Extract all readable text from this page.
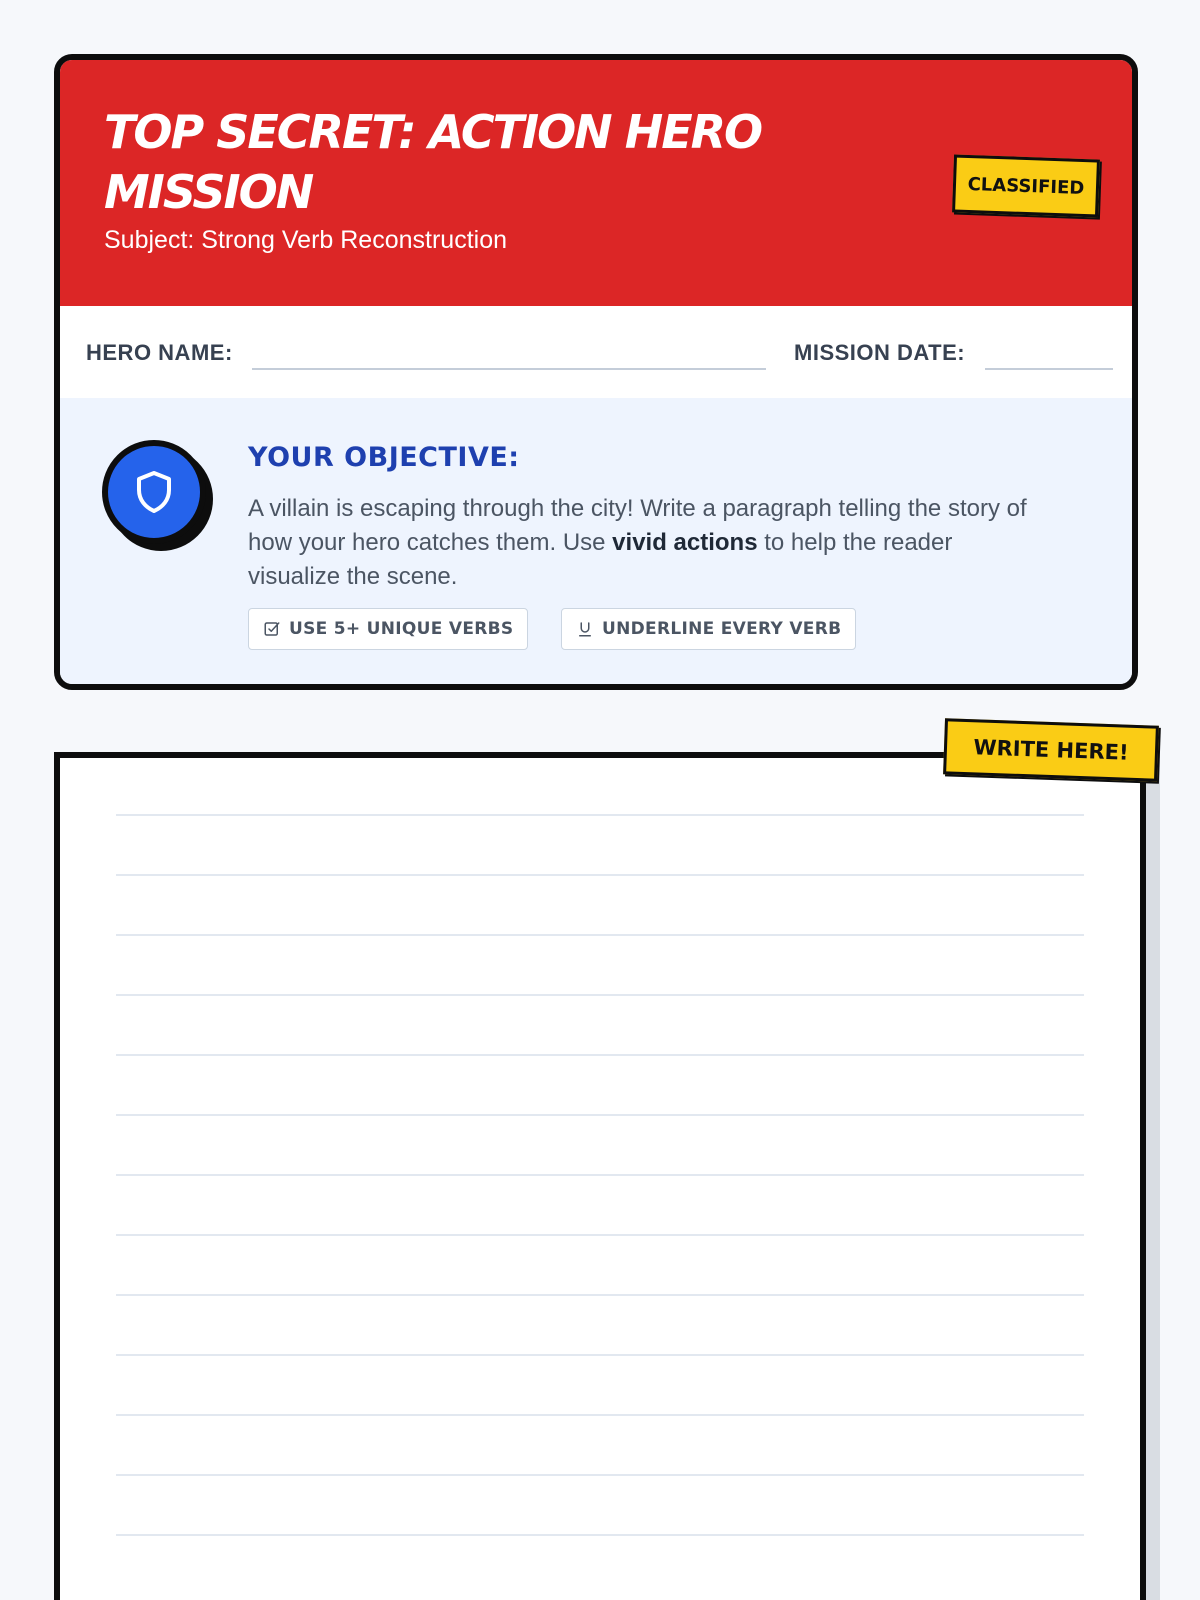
TOP SECRET: ACTION HERO MISSION

Subject: Strong Verb Reconstruction

CLASSIFIED
HERO NAME:	MISSION DATE:
YOUR OBJECTIVE:

A villain is escaping through the city! Write a paragraph telling the story of how your hero catches them. Use vivid actions to help the reader visualize the scene.

USE 5+ UNIQUE VERBS	UNDERLINE EVERY VERB
WRITE HERE!
